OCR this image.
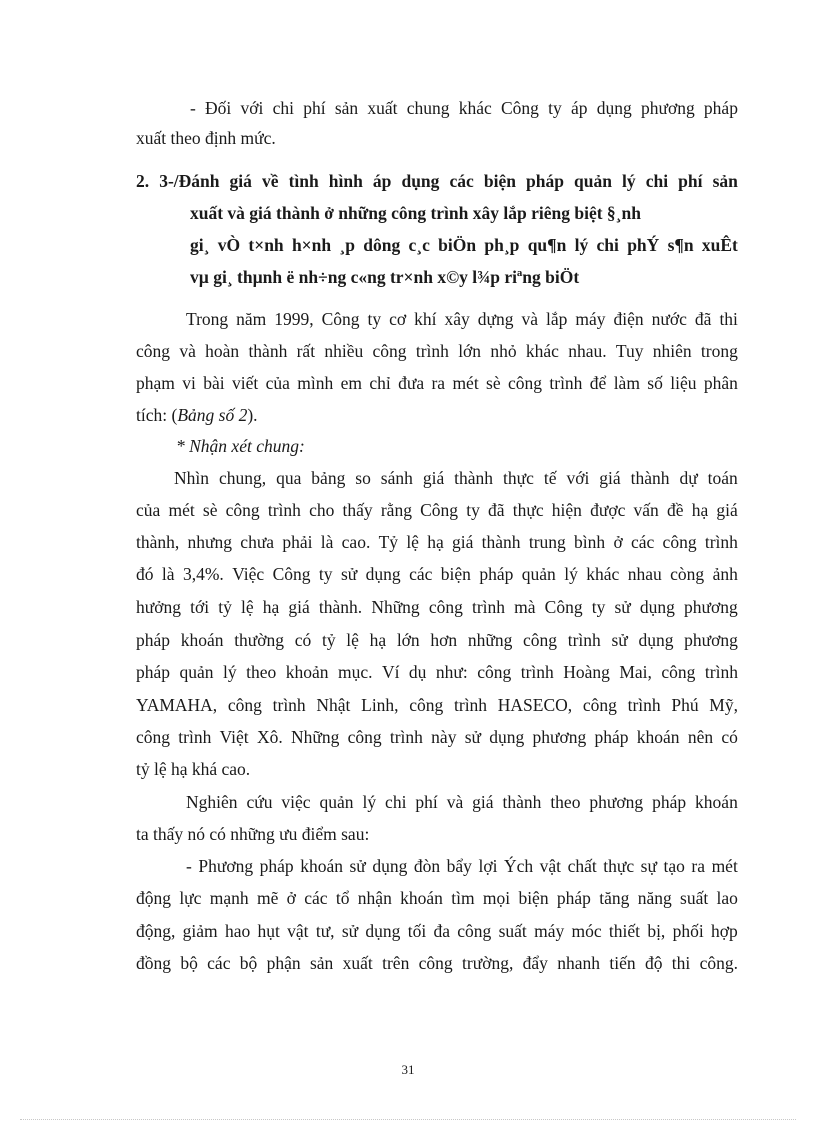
- Đối với chi phí sản xuất chung khác Công ty áp dụng phương pháp
xuất theo định mức.
2. 3-/Đánh giá về tình hình áp dụng các biện pháp quản lý chi phí sản
xuất và giá thành ở những công trình xây lắp riêng biệt §¸nh
gi¸ vÒ t×nh h×nh ¸p dông c¸c biÖn ph¸p qu¶n lý chi phÝ s¶n xuÊt
vµ gi¸ thµnh ë nh÷ng c«ng tr×nh x©y l¾p riªng biÖt
Trong năm 1999, Công ty cơ khí xây dựng và lắp máy điện nước đã thi
công và hoàn thành rất nhiều công trình lớn nhỏ khác nhau. Tuy nhiên trong
phạm vi bài viết của mình em chỉ đưa ra mét sè công trình để làm số liệu phân
tích: (Bảng số 2).
* Nhận xét chung:
Nhìn chung, qua bảng so sánh giá thành thực tế với giá thành dự toán
của mét sè công trình cho thấy rằng Công ty đã thực hiện được vấn đề hạ giá
thành, nhưng chưa phải là cao. Tỷ lệ hạ giá thành trung bình ở các công trình
đó là 3,4%. Việc Công ty sử dụng các biện pháp quản lý khác nhau còng ảnh
hưởng tới tỷ lệ hạ giá thành. Những công trình mà Công ty sử dụng phương
pháp khoán thường có tỷ lệ hạ lớn hơn những công trình sử dụng phương
pháp quản lý theo khoản mục. Ví dụ như: công trình Hoàng Mai, công trình
YAMAHA, công trình Nhật Linh, công trình HASECO, công trình Phú Mỹ,
công trình Việt Xô. Những công trình này sử dụng phương pháp khoán nên có
tỷ lệ hạ khá cao.
Nghiên cứu việc quản lý chi phí và giá thành theo phương pháp khoán
ta thấy nó có những ưu điểm sau:
- Phương pháp khoán sử dụng đòn bẩy lợi Ých vật chất thực sự tạo ra mét
động lực mạnh mẽ ở các tổ nhận khoán tìm mọi biện pháp tăng năng suất lao
động, giảm hao hụt vật tư, sử dụng tối đa công suất máy móc thiết bị, phối hợp
đồng bộ các bộ phận sản xuất trên công trường, đẩy nhanh tiến độ thi công.
31
